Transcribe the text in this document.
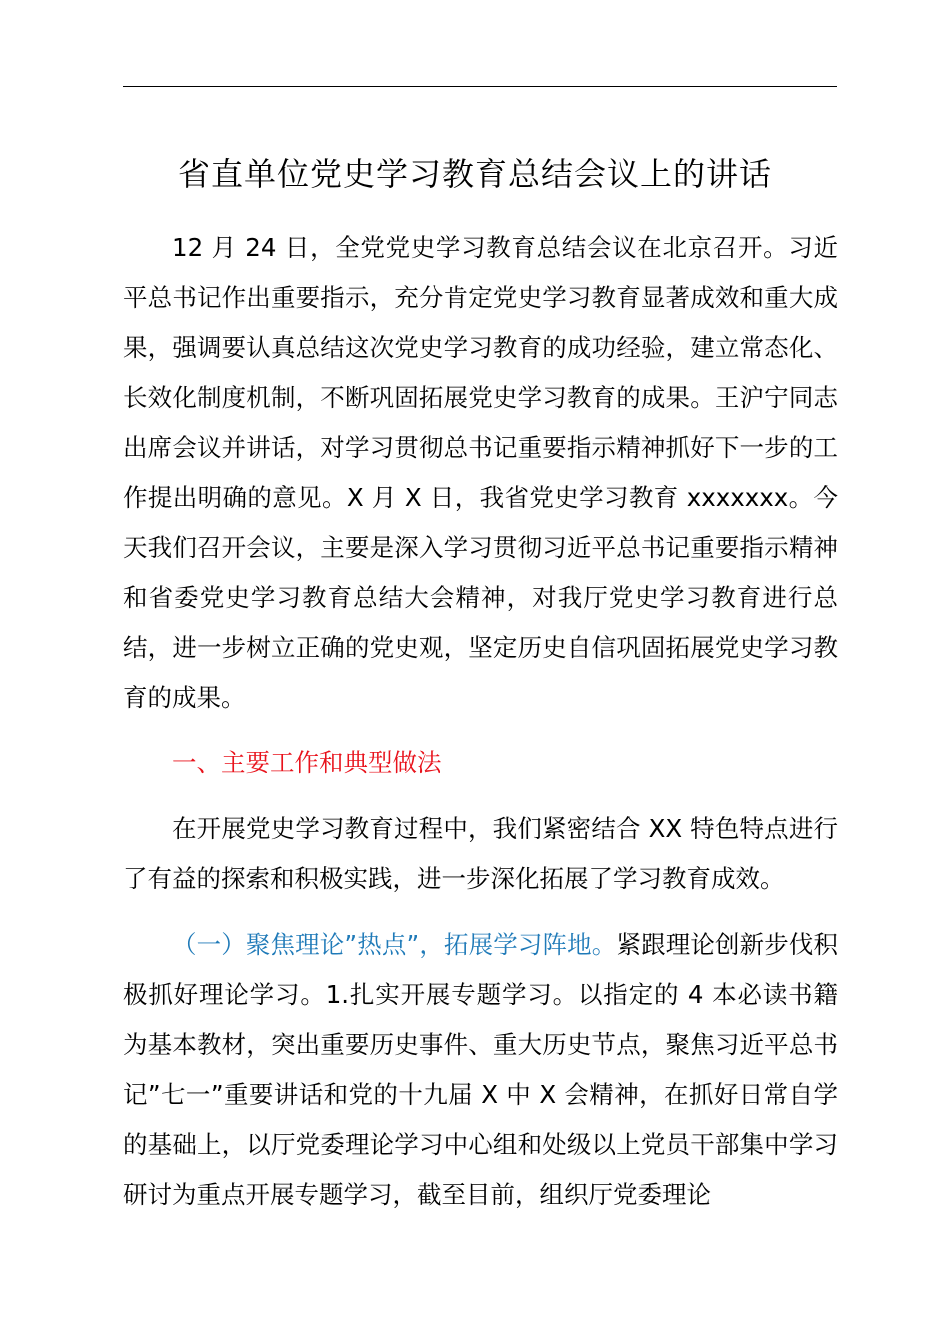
省直单位党史学习教育总结会议上的讲话

12 月 24 日，全党党史学习教育总结会议在北京召开。习近平总书记作出重要指示，充分肯定党史学习教育显著成效和重大成果，强调要认真总结这次党史学习教育的成功经验，建立常态化、长效化制度机制，不断巩固拓展党史学习教育的成果。王沪宁同志出席会议并讲话，对学习贯彻总书记重要指示精神抓好下一步的工作提出明确的意见。X 月 X 日，我省党史学习教育 xxxxxxx。今天我们召开会议，主要是深入学习贯彻习近平总书记重要指示精神和省委党史学习教育总结大会精神，对我厅党史学习教育进行总结，进一步树立正确的党史观，坚定历史自信巩固拓展党史学习教育的成果。

一、主要工作和典型做法

在开展党史学习教育过程中，我们紧密结合 XX 特色特点进行了有益的探索和积极实践，进一步深化拓展了学习教育成效。

（一）聚焦理论”热点”，拓展学习阵地。紧跟理论创新步伐积极抓好理论学习。1.扎实开展专题学习。以指定的 4 本必读书籍为基本教材，突出重要历史事件、重大历史节点，聚焦习近平总书记”七一”重要讲话和党的十九届 X 中 X 会精神，在抓好日常自学的基础上，以厅党委理论学习中心组和处级以上党员干部集中学习研讨为重点开展专题学习，截至目前，组织厅党委理论
